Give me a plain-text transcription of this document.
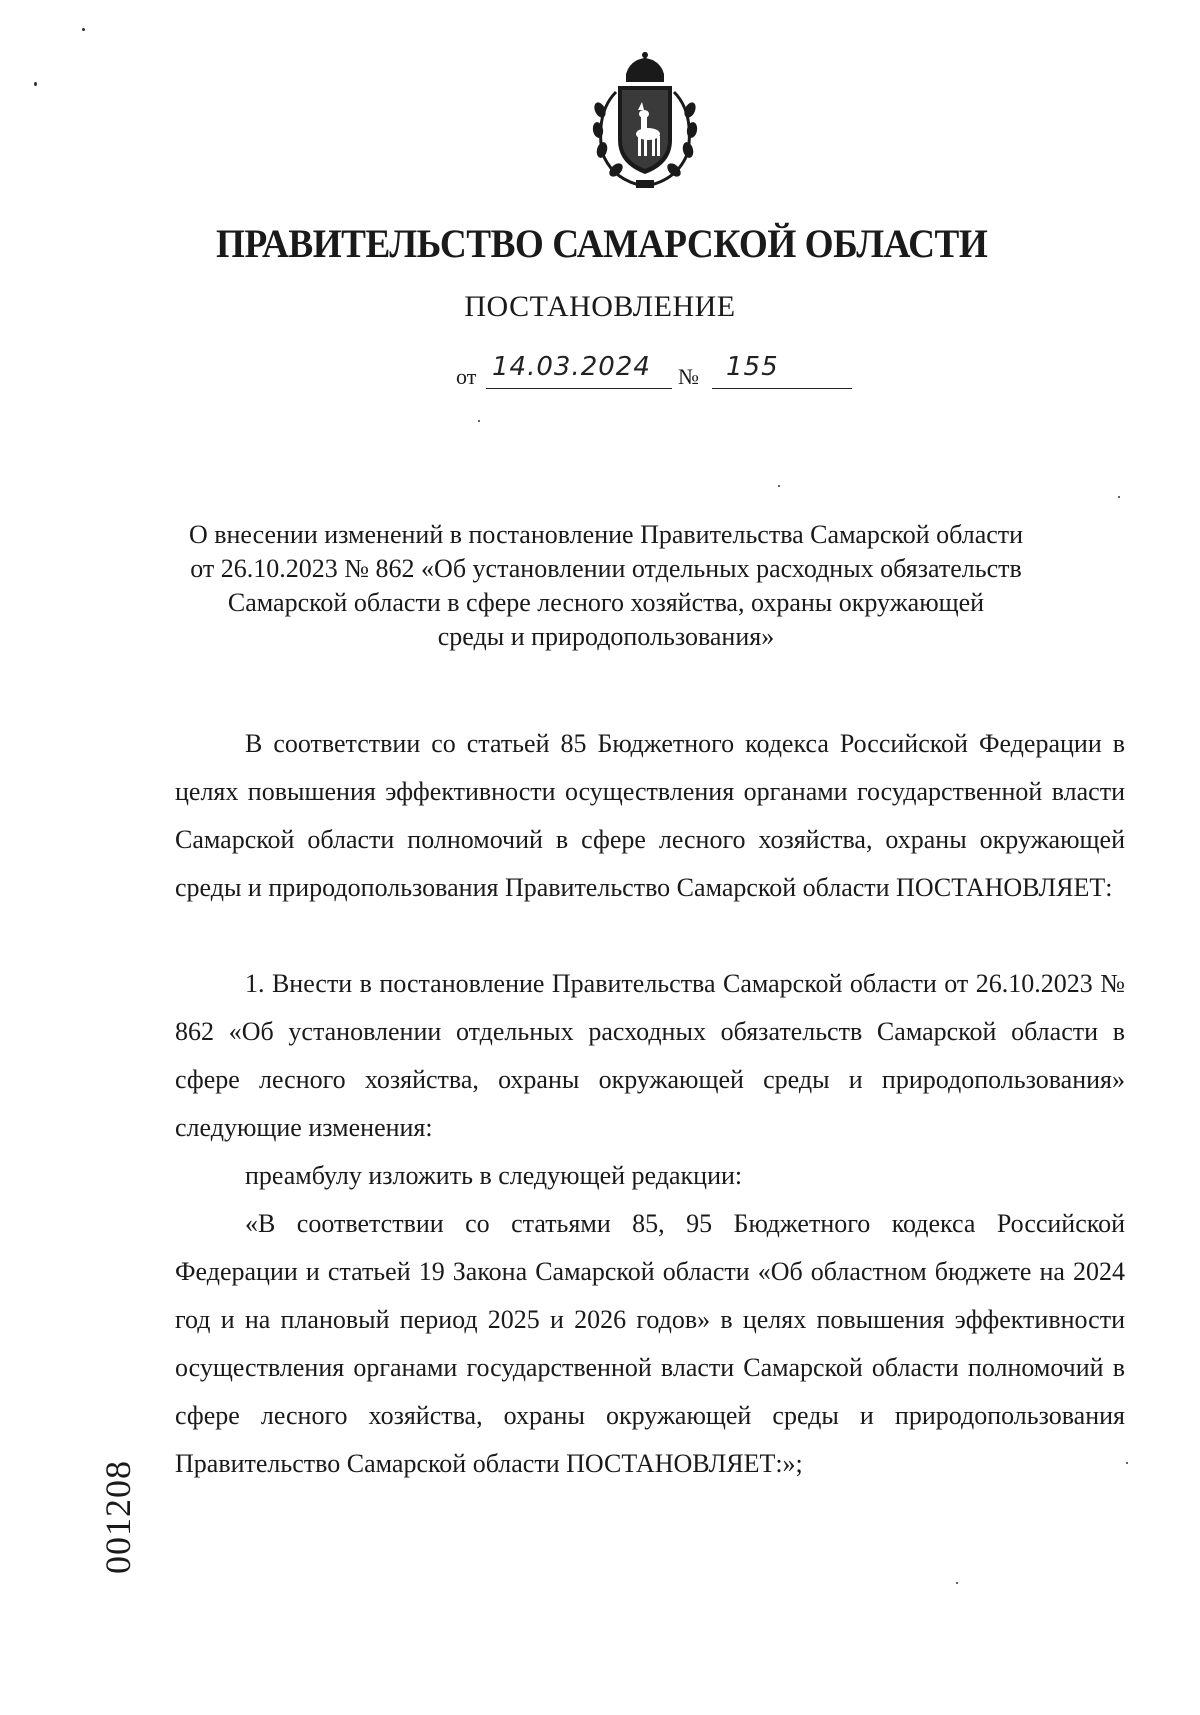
ПРАВИТЕЛЬСТВО САМАРСКОЙ ОБЛАСТИ
ПОСТАНОВЛЕНИЕ
от 14.03.2024 № 155
О внесении изменений в постановление Правительства Самарской области
от 26.10.2023 № 862 «Об установлении отдельных расходных обязательств
Самарской области в сфере лесного хозяйства, охраны окружающей
среды и природопользования»

В соответствии со статьей 85 Бюджетного кодекса Российской Федерации в целях повышения эффективности осуществления органами государственной власти Самарской области полномочий в сфере лесного хозяйства, охраны окружающей среды и природопользования Правительство Самарской области ПОСТАНОВЛЯЕТ:

1. Внести в постановление Правительства Самарской области от 26.10.2023 № 862 «Об установлении отдельных расходных обязательств Самарской области в сфере лесного хозяйства, охраны окружающей среды и природопользования» следующие изменения:

преамбулу изложить в следующей редакции:

«В соответствии со статьями 85, 95 Бюджетного кодекса Российской Федерации и статьей 19 Закона Самарской области «Об областном бюджете на 2024 год и на плановый период 2025 и 2026 годов» в целях повышения эффективности осуществления органами государственной власти Самарской области полномочий в сфере лесного хозяйства, охраны окружающей среды и природопользования Правительство Самарской области ПОСТАНОВЛЯЕТ:»;

001208
